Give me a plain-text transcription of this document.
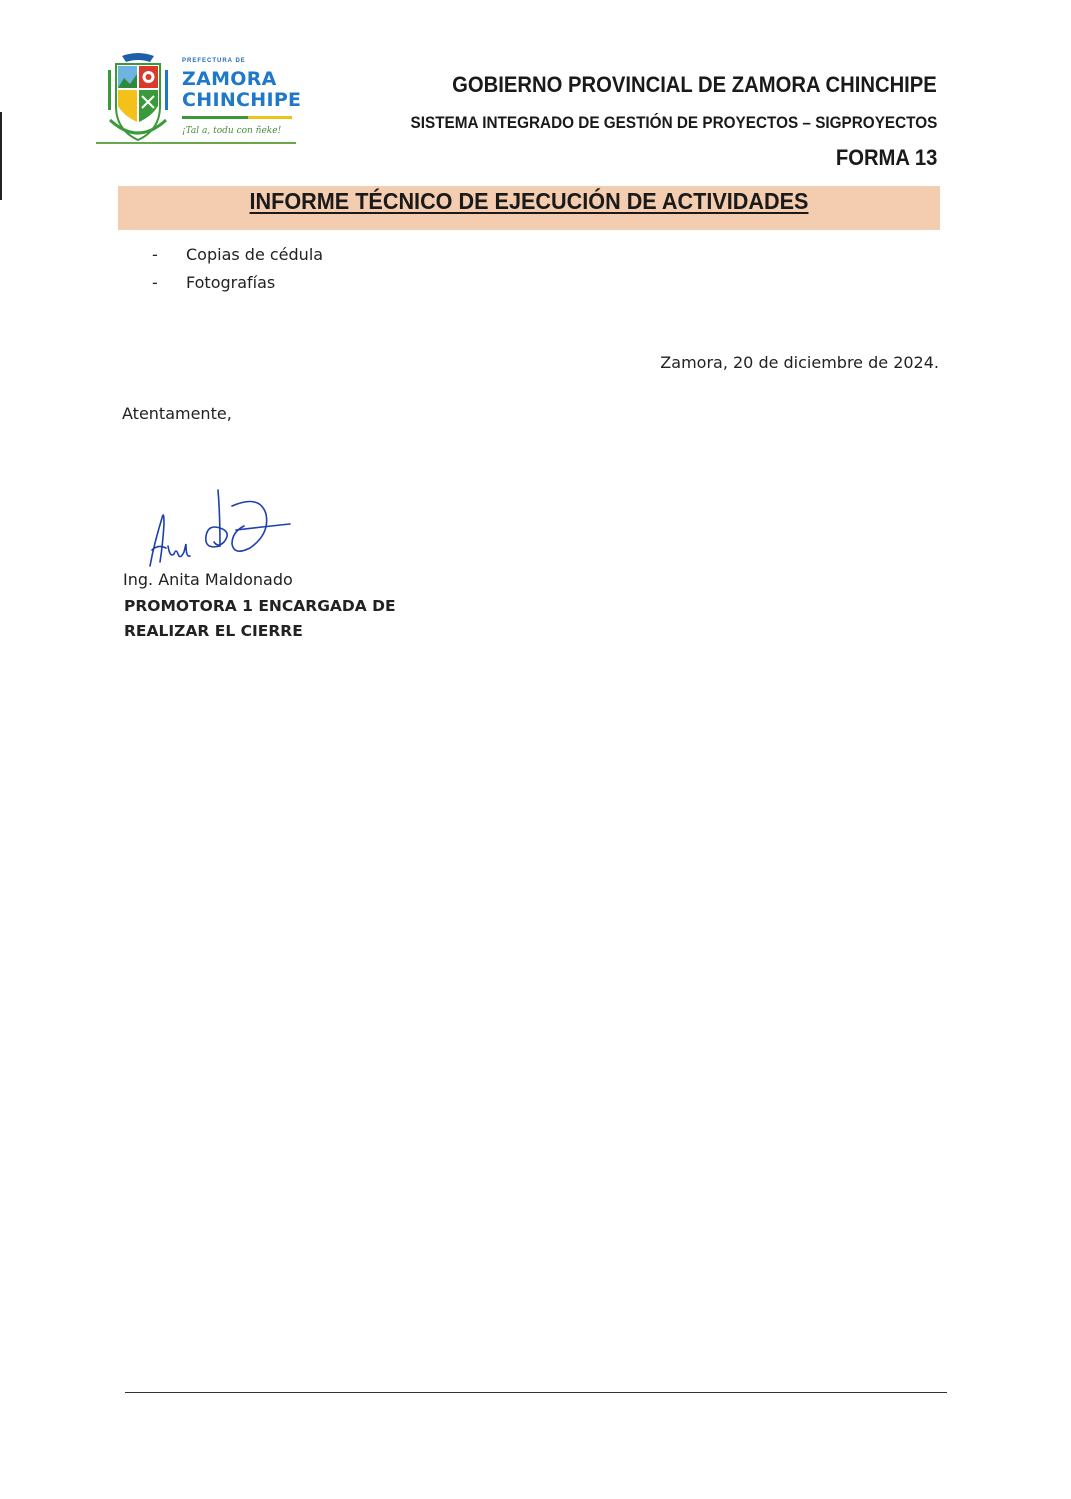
PREFECTURA DE
ZAMORA
CHINCHIPE
¡Tal a, todu con ñeke!
GOBIERNO PROVINCIAL DE ZAMORA CHINCHIPE
SISTEMA INTEGRADO DE GESTIÓN DE PROYECTOS – SIGPROYECTOS
FORMA 13
INFORME TÉCNICO DE EJECUCIÓN DE ACTIVIDADES
-	Copias de cédula
-	Fotografías
Zamora, 20 de diciembre de 2024.
Atentamente,
Ing. Anita Maldonado
PROMOTORA 1 ENCARGADA DE
REALIZAR EL CIERRE
